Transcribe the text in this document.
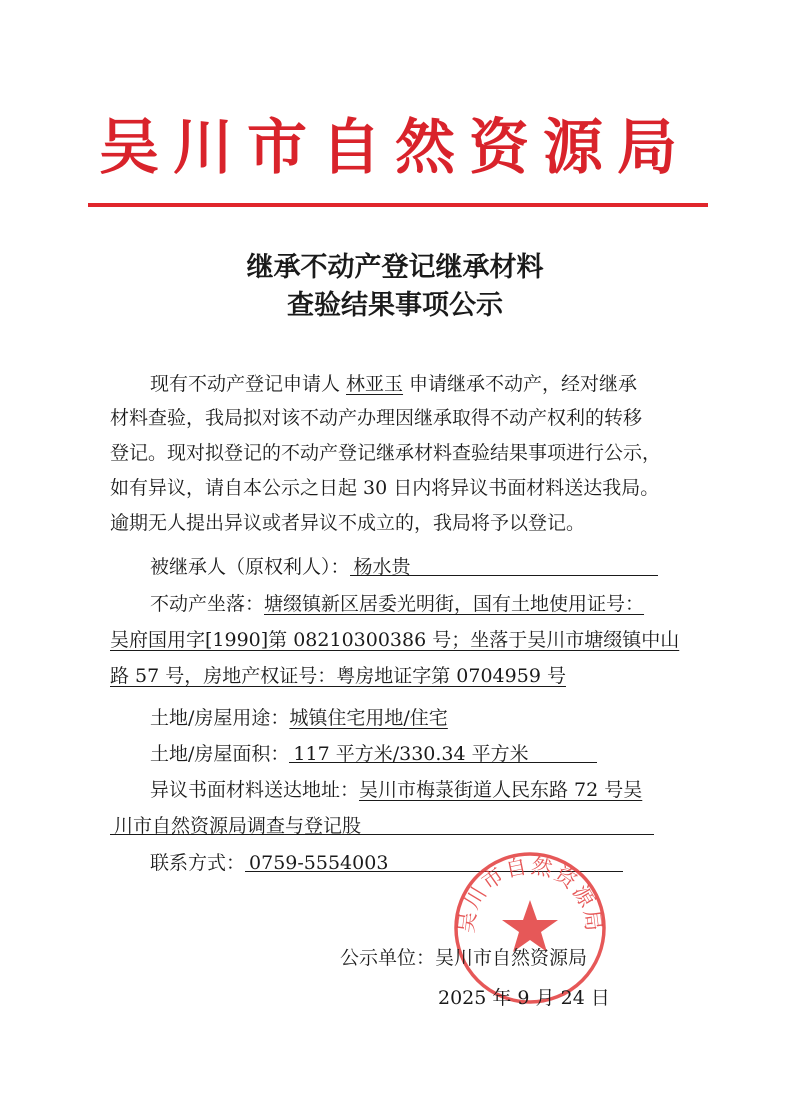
吴川市自然资源局
继承不动产登记继承材料
查验结果事项公示
现有不动产登记申请人 林亚玉 申请继承不动产，经对继承
材料查验，我局拟对该不动产办理因继承取得不动产权利的转移
登记。现对拟登记的不动产登记继承材料查验结果事项进行公示，
如有异议，请自本公示之日起 30 日内将异议书面材料送达我局。
逾期无人提出异议或者异议不成立的，我局将予以登记。
被继承人（原权利人）： 杨水贵
不动产坐落：塘缀镇新区居委光明街，国有土地使用证号：
吴府国用字[1990]第 08210300386 号；坐落于吴川市塘缀镇中山
路 57 号，房地产权证号：粤房地证字第 0704959 号
土地/房屋用途：城镇住宅用地/住宅
土地/房屋面积： 117 平方米/330.34 平方米
异议书面材料送达地址：吴川市梅菉街道人民东路 72 号吴
川市自然资源局调查与登记股
联系方式： 0759-5554003
吴川市自然资源局
公示单位：吴川市自然资源局
2025 年 9 月 24 日
